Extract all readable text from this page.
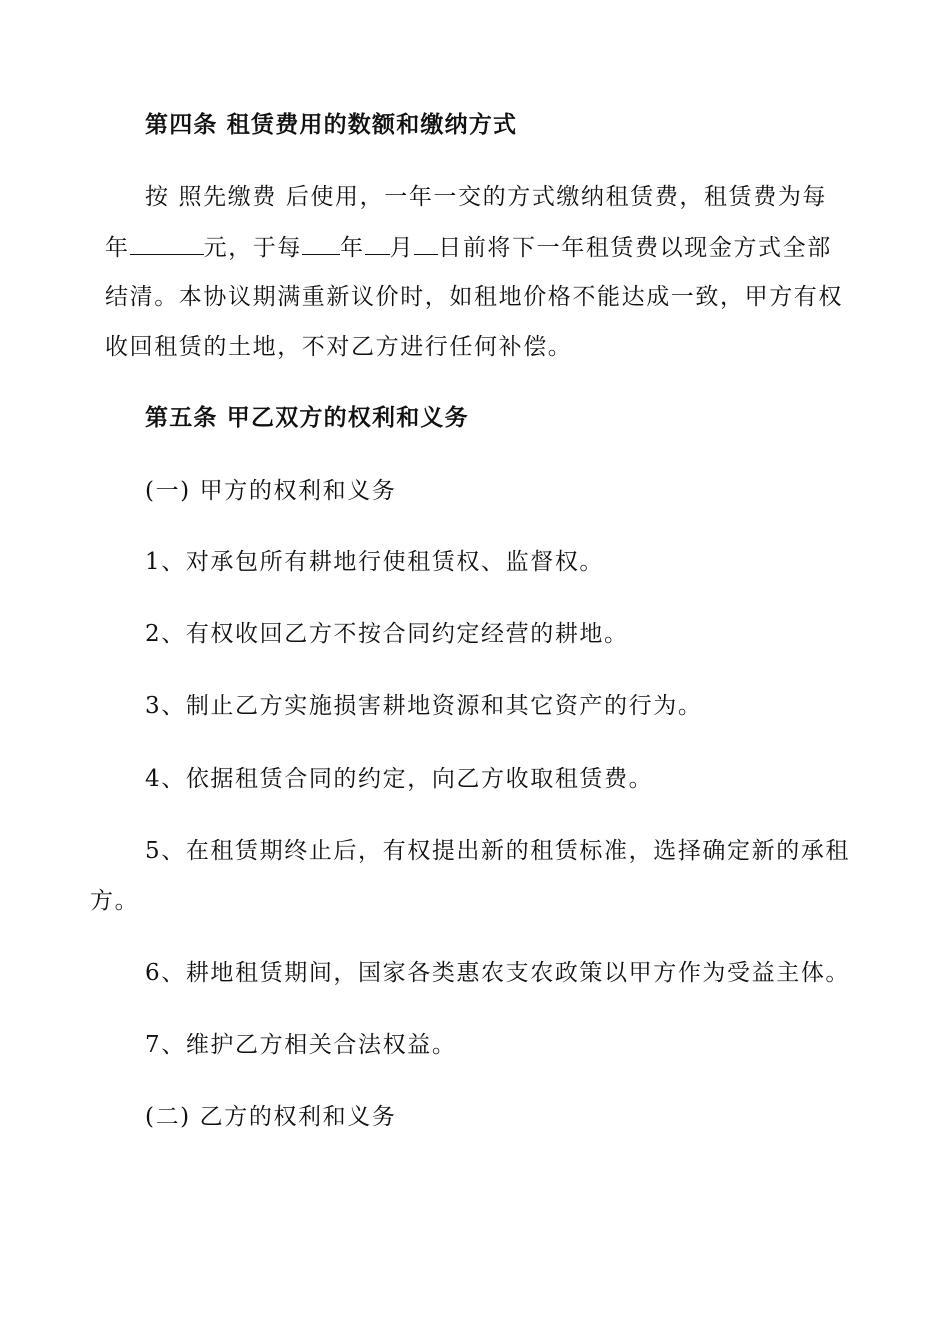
第四条 租赁费用的数额和缴纳方式
按 照先缴费 后使用，一年一交的方式缴纳租赁费，租赁费为每
年	元，于每 年 月 日前将下一年租赁费以现金方式全部
结清。本协议期满重新议价时，如租地价格不能达成一致，甲方有权
收回租赁的土地，不对乙方进行任何补偿。
第五条 甲乙双方的权利和义务
(一) 甲方的权利和义务
1、对承包所有耕地行使租赁权、监督权。
2、有权收回乙方不按合同约定经营的耕地。
3、制止乙方实施损害耕地资源和其它资产的行为。
4、依据租赁合同的约定，向乙方收取租赁费。
5、在租赁期终止后，有权提出新的租赁标准，选择确定新的承租
方。
6、耕地租赁期间，国家各类惠农支农政策以甲方作为受益主体。
7、维护乙方相关合法权益。
(二) 乙方的权利和义务
